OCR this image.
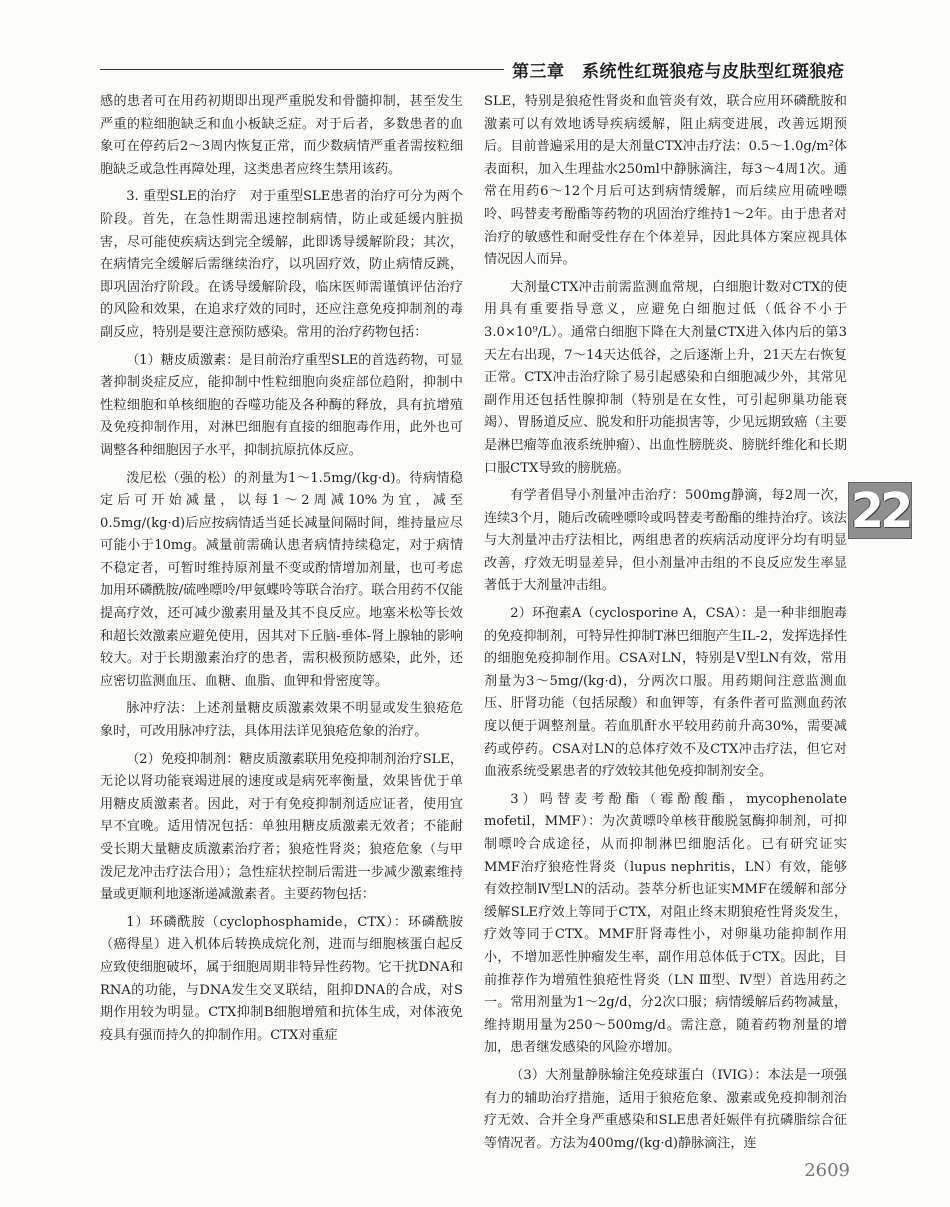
第三章　系统性红斑狼疮与皮肤型红斑狼疮

感的患者可在用药初期即出现严重脱发和骨髓抑制，甚至发生严重的粒细胞缺乏和血小板缺乏症。对于后者，多数患者的血象可在停药后2～3周内恢复正常，而少数病情严重者需按粒细胞缺乏或急性再障处理，这类患者应终生禁用该药。

3. 重型SLE的治疗　对于重型SLE患者的治疗可分为两个阶段。首先，在急性期需迅速控制病情，防止或延缓内脏损害，尽可能使疾病达到完全缓解，此即诱导缓解阶段；其次，在病情完全缓解后需继续治疗，以巩固疗效，防止病情反跳，即巩固治疗阶段。在诱导缓解阶段，临床医师需谨慎评估治疗的风险和效果，在追求疗效的同时，还应注意免疫抑制剂的毒副反应，特别是要注意预防感染。常用的治疗药物包括：

（1）糖皮质激素：是目前治疗重型SLE的首选药物，可显著抑制炎症反应，能抑制中性粒细胞向炎症部位趋附，抑制中性粒细胞和单核细胞的吞噬功能及各种酶的释放，具有抗增殖及免疫抑制作用，对淋巴细胞有直接的细胞毒作用，此外也可调整各种细胞因子水平，抑制抗原抗体反应。

泼尼松（强的松）的剂量为1～1.5mg/(kg·d)。待病情稳定后可开始减量，以每1～2周减10%为宜，减至0.5mg/(kg·d)后应按病情适当延长减量间隔时间，维持量应尽可能小于10mg。减量前需确认患者病情持续稳定，对于病情不稳定者，可暂时维持原剂量不变或酌情增加剂量，也可考虑加用环磷酰胺/硫唑嘌呤/甲氨蝶呤等联合治疗。联合用药不仅能提高疗效，还可减少激素用量及其不良反应。地塞米松等长效和超长效激素应避免使用，因其对下丘脑-垂体-肾上腺轴的影响较大。对于长期激素治疗的患者，需积极预防感染，此外，还应密切监测血压、血糖、血脂、血钾和骨密度等。

脉冲疗法：上述剂量糖皮质激素效果不明显或发生狼疮危象时，可改用脉冲疗法，具体用法详见狼疮危象的治疗。

（2）免疫抑制剂：糖皮质激素联用免疫抑制剂治疗SLE，无论以肾功能衰竭进展的速度或是病死率衡量，效果皆优于单用糖皮质激素者。因此，对于有免疫抑制剂适应证者，使用宜早不宜晚。适用情况包括：单独用糖皮质激素无效者；不能耐受长期大量糖皮质激素治疗者；狼疮性肾炎；狼疮危象（与甲泼尼龙冲击疗法合用）；急性症状控制后需进一步减少激素维持量或更顺利地逐渐递减激素者。主要药物包括：

1）环磷酰胺（cyclophosphamide，CTX）：环磷酰胺（癌得星）进入机体后转换成烷化剂，进而与细胞核蛋白起反应致使细胞破坏，属于细胞周期非特异性药物。它干扰DNA和RNA的功能，与DNA发生交叉联结，阻抑DNA的合成，对S期作用较为明显。CTX抑制B细胞增殖和抗体生成，对体液免疫具有强而持久的抑制作用。CTX对重症

SLE，特别是狼疮性肾炎和血管炎有效，联合应用环磷酰胺和激素可以有效地诱导疾病缓解，阻止病变进展，改善远期预后。目前普遍采用的是大剂量CTX冲击疗法：0.5～1.0g/m²体表面积，加入生理盐水250ml中静脉滴注，每3～4周1次。通常在用药6～12个月后可达到病情缓解，而后续应用硫唑嘌呤、吗替麦考酚酯等药物的巩固治疗维持1～2年。由于患者对治疗的敏感性和耐受性存在个体差异，因此具体方案应视具体情况因人而异。

大剂量CTX冲击前需监测血常规，白细胞计数对CTX的使用具有重要指导意义，应避免白细胞过低（低谷不小于3.0×10⁹/L）。通常白细胞下降在大剂量CTX进入体内后的第3天左右出现，7～14天达低谷，之后逐渐上升，21天左右恢复正常。CTX冲击治疗除了易引起感染和白细胞减少外，其常见副作用还包括性腺抑制（特别是在女性，可引起卵巢功能衰竭）、胃肠道反应、脱发和肝功能损害等，少见远期致癌（主要是淋巴瘤等血液系统肿瘤）、出血性膀胱炎、膀胱纤维化和长期口服CTX导致的膀胱癌。

有学者倡导小剂量冲击治疗：500mg静滴，每2周一次，连续3个月，随后改硫唑嘌呤或吗替麦考酚酯的维持治疗。该法与大剂量冲击疗法相比，两组患者的疾病活动度评分均有明显改善，疗效无明显差异，但小剂量冲击组的不良反应发生率显著低于大剂量冲击组。

2）环孢素A（cyclosporine A，CSA）：是一种非细胞毒的免疫抑制剂，可特异性抑制T淋巴细胞产生IL-2，发挥选择性的细胞免疫抑制作用。CSA对LN，特别是Ⅴ型LN有效，常用剂量为3～5mg/(kg·d)，分两次口服。用药期间注意监测血压、肝肾功能（包括尿酸）和血钾等，有条件者可监测血药浓度以便于调整剂量。若血肌酐水平较用药前升高30%，需要减药或停药。CSA对LN的总体疗效不及CTX冲击疗法，但它对血液系统受累患者的疗效较其他免疫抑制剂安全。

3）吗替麦考酚酯（霉酚酸酯，mycophenolate mofetil，MMF）：为次黄嘌呤单核苷酸脱氢酶抑制剂，可抑制嘌呤合成途径，从而抑制淋巴细胞活化。已有研究证实MMF治疗狼疮性肾炎（lupus nephritis，LN）有效，能够有效控制Ⅳ型LN的活动。荟萃分析也证实MMF在缓解和部分缓解SLE疗效上等同于CTX，对阻止终末期狼疮性肾炎发生，疗效等同于CTX。MMF肝肾毒性小，对卵巢功能抑制作用小，不增加恶性肿瘤发生率，副作用总体低于CTX。因此，目前推荐作为增殖性狼疮性肾炎（LN Ⅲ型、Ⅳ型）首选用药之一。常用剂量为1～2g/d，分2次口服；病情缓解后药物减量，维持期用量为250～500mg/d。需注意，随着药物剂量的增加，患者继发感染的风险亦增加。

（3）大剂量静脉输注免疫球蛋白（IVIG）：本法是一项强有力的辅助治疗措施，适用于狼疮危象、激素或免疫抑制剂治疗无效、合并全身严重感染和SLE患者妊娠伴有抗磷脂综合征等情况者。方法为400mg/(kg·d)静脉滴注，连

22
2609
